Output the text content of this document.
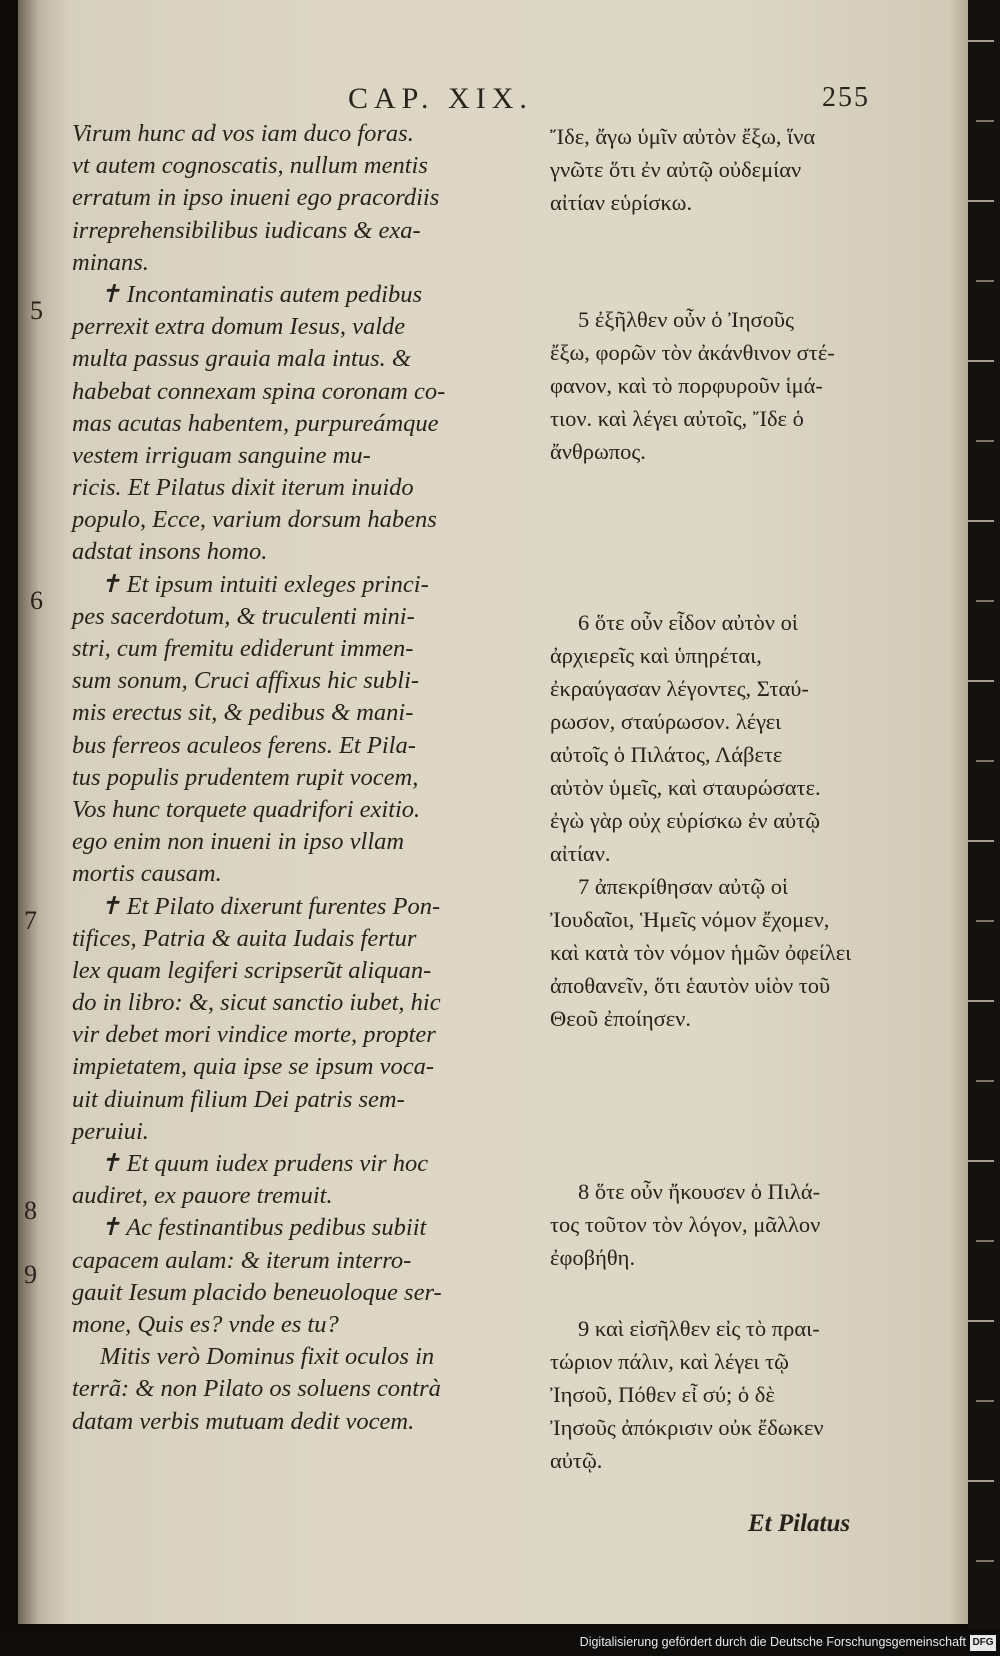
CAP. XIX.	255
Virum hunc ad vos iam duco foras.
vt autem cognoscatis, nullum mentis
erratum in ipso inueni ego pracordiis
irreprehensibilibus iudicans & exa-
minans.
✝ Incontaminatis autem pedibus
perrexit extra domum Iesus, valde
multa passus grauia mala intus. &
habebat connexam spina coronam co-
mas acutas habentem, purpureámque
vestem irriguam sanguine mu-
ricis. Et Pilatus dixit iterum inuido
populo, Ecce, varium dorsum habens
adstat insons homo.
✝ Et ipsum intuiti exleges princi-
pes sacerdotum, & truculenti mini-
stri, cum fremitu ediderunt immen-
sum sonum, Cruci affixus hic subli-
mis erectus sit, & pedibus & mani-
bus ferreos aculeos ferens. Et Pila-
tus populis prudentem rupit vocem,
Vos hunc torquete quadrifori exitio.
ego enim non inueni in ipso vllam
mortis causam.
✝ Et Pilato dixerunt furentes Pon-
tifices, Patria & auita Iudais fertur
lex quam legiferi scripserũt aliquan-
do in libro: &, sicut sanctio iubet, hic
vir debet mori vindice morte, propter
impietatem, quia ipse se ipsum voca-
uit diuinum filium Dei patris sem-
peruiui.
✝ Et quum iudex prudens vir hoc
audiret, ex pauore tremuit.
✝ Ac festinantibus pedibus subiit
capacem aulam: & iterum interro-
gauit Iesum placido beneuoloque ser-
mone, Quis es? vnde es tu?
Mitis verò Dominus fixit oculos in
terrã: & non Pilato os soluens contrà
datam verbis mutuam dedit vocem.
5
6
7
8
9
Ἴδε, ἄγω ὑμῖν αὐτὸν ἔξω, ἵνα
γνῶτε ὅτι ἐν αὐτῷ οὐδεμίαν
αἰτίαν εὑρίσκω.
5 ἐξῆλθεν οὖν ὁ Ἰησοῦς
ἔξω, φορῶν τὸν ἀκάνθινον στέ-
φανον, καὶ τὸ πορφυροῦν ἱμά-
τιον. καὶ λέγει αὐτοῖς, Ἴδε ὁ
ἄνθρωπος.
6 ὅτε οὖν εἶδον αὐτὸν οἱ
ἀρχιερεῖς καὶ ὑπηρέται,
ἐκραύγασαν λέγοντες, Σταύ-
ρωσον, σταύρωσον. λέγει
αὐτοῖς ὁ Πιλάτος, Λάβετε
αὐτὸν ὑμεῖς, καὶ σταυρώσατε.
ἐγὼ γὰρ οὐχ εὑρίσκω ἐν αὐτῷ
αἰτίαν.
7 ἀπεκρίθησαν αὐτῷ οἱ
Ἰουδαῖοι, Ἡμεῖς νόμον ἔχομεν,
καὶ κατὰ τὸν νόμον ἡμῶν ὀφείλει
ἀποθανεῖν, ὅτι ἑαυτὸν υἱὸν τοῦ
Θεοῦ ἐποίησεν.
8 ὅτε οὖν ἤκουσεν ὁ Πιλά-
τος τοῦτον τὸν λόγον, μᾶλλον
ἐφοβήθη.
9 καὶ εἰσῆλθεν εἰς τὸ πραι-
τώριον πάλιν, καὶ λέγει τῷ
Ἰησοῦ, Πόθεν εἶ σύ; ὁ δὲ
Ἰησοῦς ἀπόκρισιν οὐκ ἔδωκεν
αὐτῷ.
Et Pilatus
Digitalisierung gefördert durch die Deutsche Forschungsgemeinschaft DFG
